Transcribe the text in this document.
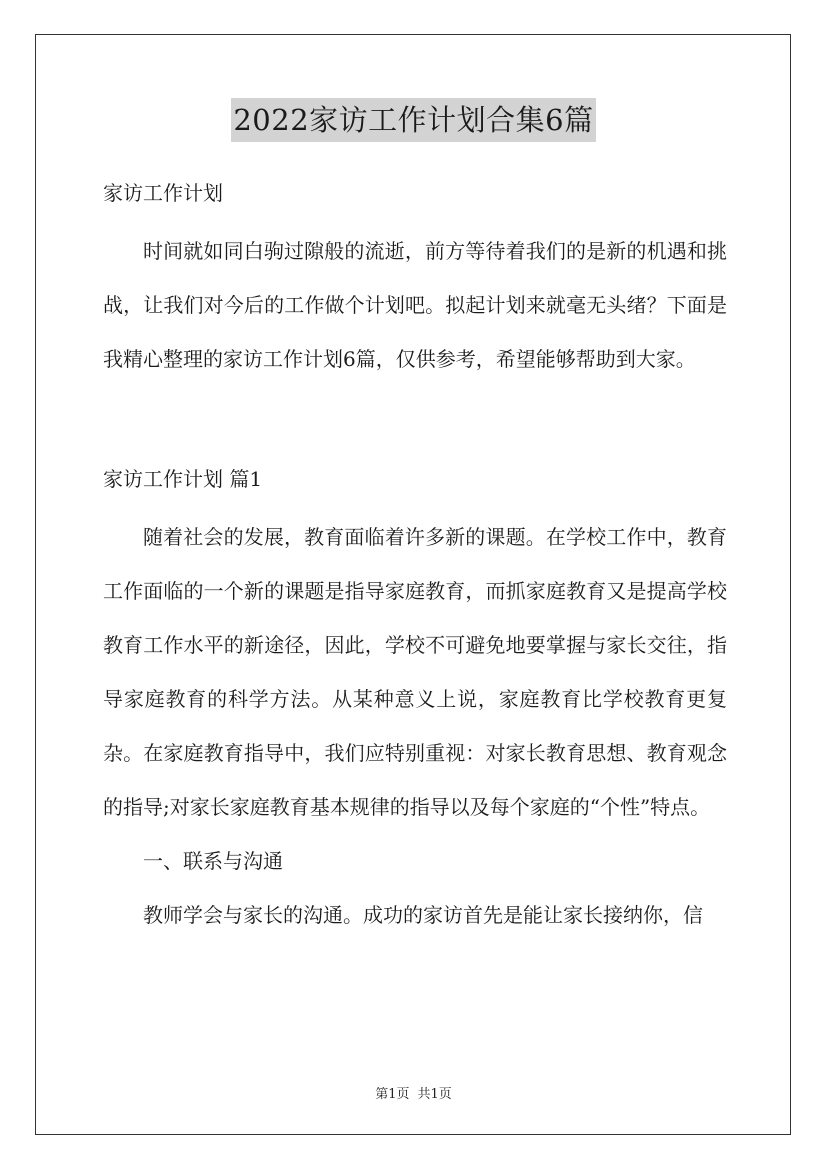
2022家访工作计划合集6篇

家访工作计划

时间就如同白驹过隙般的流逝，前方等待着我们的是新的机遇和挑战，让我们对今后的工作做个计划吧。拟起计划来就毫无头绪？下面是我精心整理的家访工作计划6篇，仅供参考，希望能够帮助到大家。

家访工作计划 篇1

随着社会的发展，教育面临着许多新的课题。在学校工作中，教育工作面临的一个新的课题是指导家庭教育，而抓家庭教育又是提高学校教育工作水平的新途径，因此，学校不可避免地要掌握与家长交往，指导家庭教育的科学方法。从某种意义上说，家庭教育比学校教育更复杂。在家庭教育指导中，我们应特别重视：对家长教育思想、教育观念的指导;对家长家庭教育基本规律的指导以及每个家庭的“个性”特点。

一、联系与沟通

教师学会与家长的沟通。成功的家访首先是能让家长接纳你，信

第1页 共1页
